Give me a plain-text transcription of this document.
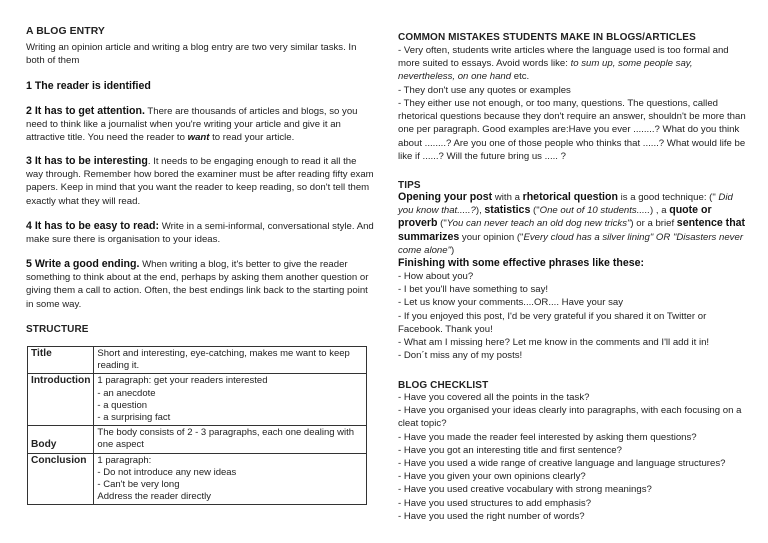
A BLOG ENTRY

Writing an opinion article and writing a blog entry are two very similar tasks. In both of them

1 The reader is identified

2 It has to get attention. There are thousands of articles and blogs, so you need to think like a journalist when you're writing your article and give it an attractive title. You need the reader to want to read your article.

3 It has to be interesting. It needs to be engaging enough to read it all the way through. Remember how bored the examiner must be after reading fifty exam papers. Keep in mind that you want the reader to keep reading, so don't tell them exactly what they will read.

4 It has to be easy to read: Write in a semi-informal, conversational style. And make sure there is organisation to your ideas.

5 Write a good ending. When writing a blog, it's better to give the reader something to think about at the end, perhaps by asking them another question or giving them a call to action. Often, the best endings link back to the starting point in some way.

STRUCTURE
Title	Short and interesting, eye-catching, makes me want to keep reading it.

Introduction	1 paragraph: get your readers interested
- an anecdote
- a question
- a surprising fact

Body	The body consists of 2 - 3 paragraphs, each one dealing with one aspect

Conclusion	1 paragraph:
- Do not introduce any new ideas
- Can't be very long
Address the reader directly
COMMON MISTAKES STUDENTS MAKE IN BLOGS/ARTICLES

- Very often, students write articles where the language used is too formal and more suited to essays. Avoid words like: to sum up, some people say, nevertheless, on one hand etc.

- They don't use any quotes or examples

- They either use not enough, or too many, questions. The questions, called rhetorical questions because they don't require an answer, shouldn't be more than one per paragraph. Good examples are:Have you ever ........? What do you think about ........? Are you one of those people who thinks that ......? What would life be like if ......? Will the future bring us ..... ?

TIPS

Opening your post with a rhetorical question is a good technique: (" Did you know that.....?), statistics ("One out of 10 students.....) , a quote or proverb ("You can never teach an old dog new tricks") or a brief sentence that summarizes your opinion ("Every cloud has a silver lining" OR "Disasters never come alone")

Finishing with some effective phrases like these:

- How about you?

- I bet you'll have something to say!

- Let us know your comments....OR.... Have your say

- If you enjoyed this post, I'd be very grateful if you shared it on Twitter or Facebook. Thank you!

- What am I missing here? Let me know in the comments and I'll add it in!

- Don´t miss any of my posts!

BLOG CHECKLIST

- Have you covered all the points in the task?

- Have you organised your ideas clearly into paragraphs, with each focusing on a cleat topic?

- Have you made the reader feel interested by asking them questions?

- Have you got an interesting title and first sentence?

- Have you used a wide range of creative language and language structures?

- Have you given your own opinions clearly?

- Have you used creative vocabulary with strong meanings?

- Have you used structures to add emphasis?

- Have you used the right number of words?
